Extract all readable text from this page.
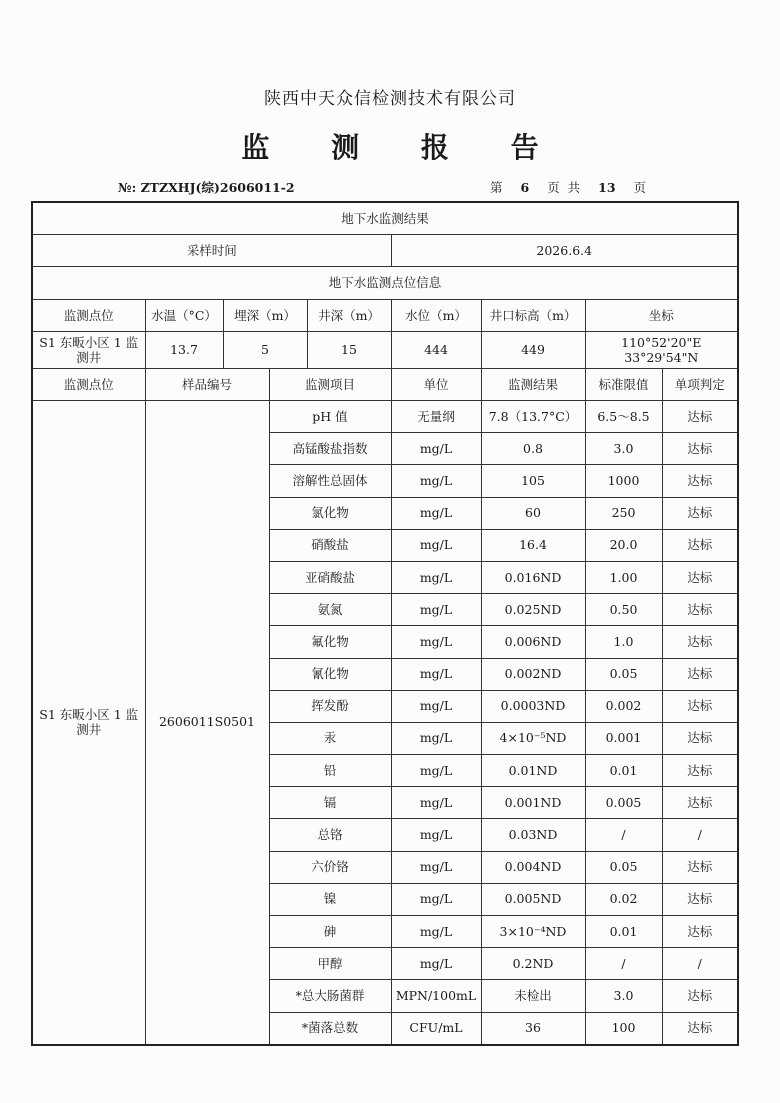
陕西中天众信检测技术有限公司
监 测 报 告
№: ZTZXHJ(综)2606011-2	第 6 页 共 13 页
地下水监测结果								
采样时间					2026.6.4			
地下水监测点位信息								
监测点位	水温（°C）	埋深（m）		井深（m）	水位（m）	井口标高（m）	坐标	
S1 东畈小区 1 监测井	13.7	5		15	444	449	110°52'20"E
33°29'54"N	

监测点位	样品编号		监测项目		单位	监测结果	标准限值	单项判定
S1 东畈小区 1 监测井	2606011S0501		pH 值		无量纲	7.8（13.7°C）	6.5～8.5	达标
			高锰酸盐指数		mg/L	0.8	3.0	达标
			溶解性总固体		mg/L	105	1000	达标
			氯化物		mg/L	60	250	达标
			硝酸盐		mg/L	16.4	20.0	达标
			亚硝酸盐		mg/L	0.016ND	1.00	达标
			氨氮		mg/L	0.025ND	0.50	达标
			氟化物		mg/L	0.006ND	1.0	达标
			氰化物		mg/L	0.002ND	0.05	达标
			挥发酚		mg/L	0.0003ND	0.002	达标
			汞		mg/L	4×10⁻⁵ND	0.001	达标
			铅		mg/L	0.01ND	0.01	达标
			镉		mg/L	0.001ND	0.005	达标
			总铬		mg/L	0.03ND	/	/
			六价铬		mg/L	0.004ND	0.05	达标
			镍		mg/L	0.005ND	0.02	达标
			砷		mg/L	3×10⁻⁴ND	0.01	达标
			甲醇		mg/L	0.2ND	/	/
			*总大肠菌群		MPN/100mL	未检出	3.0	达标
			*菌落总数		CFU/mL	36	100	达标
